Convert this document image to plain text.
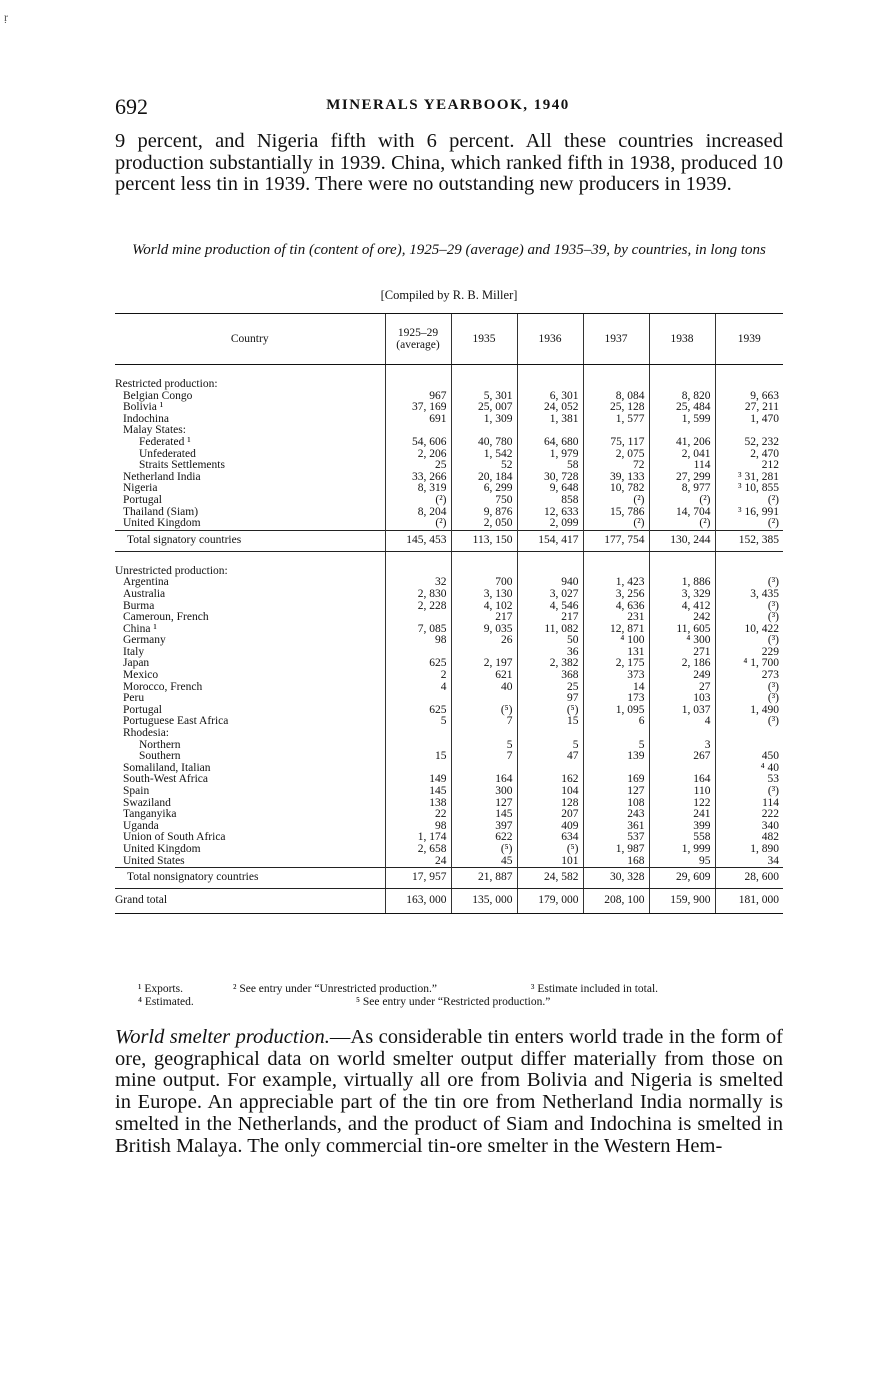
ṛ
692	MINERALS YEARBOOK, 1940

9 percent, and Nigeria fifth with 6 percent. All these countries increased production substantially in 1939. China, which ranked fifth in 1938, produced 10 percent less tin in 1939. There were no outstanding new producers in 1939.

World mine production of tin (content of ore), 1925–29 (average) and 1935–39, by countries, in long tons

[Compiled by R. B. Miller]

Country	1925–29 (average)	1935	1936	1937	1938	1939
Restricted production:						
Belgian Congo	967	5, 301	6, 301	8, 084	8, 820	9, 663
Bolivia ¹	37, 169	25, 007	24, 052	25, 128	25, 484	27, 211
Indochina	691	1, 309	1, 381	1, 577	1, 599	1, 470
Malay States:						
Federated ¹	54, 606	40, 780	64, 680	75, 117	41, 206	52, 232
Unfederated	2, 206	1, 542	1, 979	2, 075	2, 041	2, 470
Straits Settlements	25	52	58	72	114	212
Netherland India	33, 266	20, 184	30, 728	39, 133	27, 299	³ 31, 281
Nigeria	8, 319	6, 299	9, 648	10, 782	8, 977	³ 10, 855
Portugal	(²)	750	858	(²)	(²)	(²)
Thailand (Siam)	8, 204	9, 876	12, 633	15, 786	14, 704	³ 16, 991
United Kingdom	(²)	2, 050	2, 099	(²)	(²)	(²)
Total signatory countries	145, 453	113, 150	154, 417	177, 754	130, 244	152, 385
Unrestricted production:						
Argentina	32	700	940	1, 423	1, 886	(³)
Australia	2, 830	3, 130	3, 027	3, 256	3, 329	3, 435
Burma	2, 228	4, 102	4, 546	4, 636	4, 412	(³)
Cameroun, French		217	217	231	242	(³)
China ¹	7, 085	9, 035	11, 082	12, 871	11, 605	10, 422
Germany	98	26	50	⁴ 100	⁴ 300	(³)
Italy			36	131	271	229
Japan	625	2, 197	2, 382	2, 175	2, 186	⁴ 1, 700
Mexico	2	621	368	373	249	273
Morocco, French	4	40	25	14	27	(³)
Peru			97	173	103	(³)
Portugal	625	(⁵)	(⁵)	1, 095	1, 037	1, 490
Portuguese East Africa	5	7	15	6	4	(³)
Rhodesia:						
Northern		5	5	5	3	
Southern	15	7	47	139	267	450
Somaliland, Italian						⁴ 40
South-West Africa	149	164	162	169	164	53
Spain	145	300	104	127	110	(³)
Swaziland	138	127	128	108	122	114
Tanganyika	22	145	207	243	241	222
Uganda	98	397	409	361	399	340
Union of South Africa	1, 174	622	634	537	558	482
United Kingdom	2, 658	(⁵)	(⁵)	1, 987	1, 999	1, 890
United States	24	45	101	168	95	34
Total nonsignatory countries	17, 957	21, 887	24, 582	30, 328	29, 609	28, 600
Grand total	163, 000	135, 000	179, 000	208, 100	159, 900	181, 000
¹ Exports.	² See entry under “Unrestricted production.”	³ Estimate included in total.
⁴ Estimated.	⁵ See entry under “Restricted production.”

World smelter production.—As considerable tin enters world trade in the form of ore, geographical data on world smelter output differ materially from those on mine output. For example, virtually all ore from Bolivia and Nigeria is smelted in Europe. An appreciable part of the tin ore from Netherland India normally is smelted in the Netherlands, and the product of Siam and Indochina is smelted in British Malaya. The only commercial tin-ore smelter in the Western Hem-
